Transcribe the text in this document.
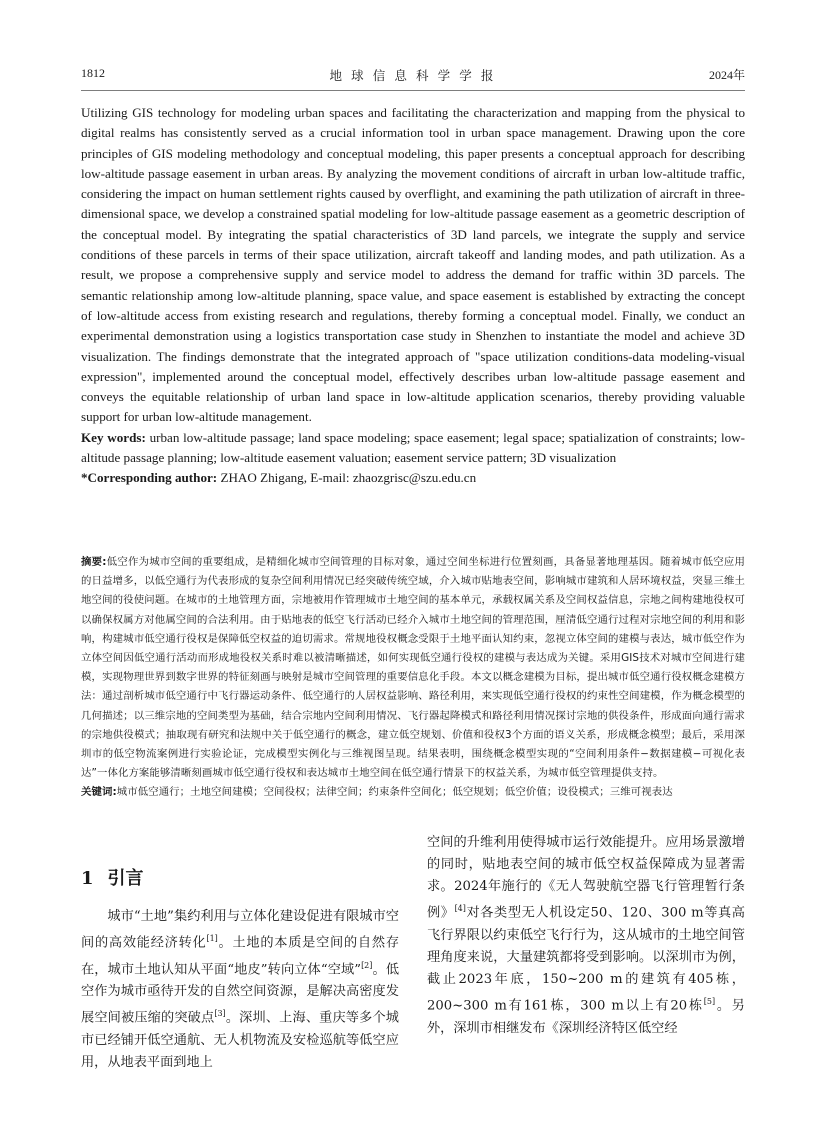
1812	地 球 信 息 科 学 学 报	2024年

Utilizing GIS technology for modeling urban spaces and facilitating the characterization and mapping from the physical to digital realms has consistently served as a crucial information tool in urban space management. Drawing upon the core principles of GIS modeling methodology and conceptual modeling, this paper presents a conceptual approach for describing low-altitude passage easement in urban areas. By analyzing the movement conditions of aircraft in urban low-altitude traffic, considering the impact on human settlement rights caused by overflight, and examining the path utilization of aircraft in three-dimensional space, we develop a constrained spatial modeling for low-altitude passage easement as a geometric description of the conceptual model. By integrating the spatial characteristics of 3D land parcels, we integrate the supply and service conditions of these parcels in terms of their space utilization, aircraft takeoff and landing modes, and path utilization. As a result, we propose a comprehensive supply and service model to address the demand for traffic within 3D parcels. The semantic relationship among low-altitude planning, space value, and space easement is established by extracting the concept of low-altitude access from existing research and regulations, thereby forming a conceptual model. Finally, we conduct an experimental demonstration using a logistics transportation case study in Shenzhen to instantiate the model and achieve 3D visualization. The findings demonstrate that the integrated approach of "space utilization conditions-data modeling-visual expression", implemented around the conceptual model, effectively describes urban low-altitude passage easement and conveys the equitable relationship of urban land space in low-altitude application scenarios, thereby providing valuable support for urban low-altitude management.

Key words: urban low-altitude passage; land space modeling; space easement; legal space; spatialization of constraints; low-altitude passage planning; low-altitude easement valuation; easement service pattern; 3D visualization

*Corresponding author: ZHAO Zhigang, E-mail: zhaozgrisc@szu.edu.cn

摘要:低空作为城市空间的重要组成，是精细化城市空间管理的目标对象，通过空间坐标进行位置刻画，具备显著地理基因。随着城市低空应用的日益增多，以低空通行为代表形成的复杂空间利用情况已经突破传统空域，介入城市贴地表空间，影响城市建筑和人居环境权益，突显三维土地空间的役使问题。在城市的土地管理方面，宗地被用作管理城市土地空间的基本单元，承载权属关系及空间权益信息，宗地之间构建地役权可以确保权属方对他属空间的合法利用。由于贴地表的低空飞行活动已经介入城市土地空间的管理范围，厘清低空通行过程对宗地空间的利用和影响，构建城市低空通行役权是保障低空权益的迫切需求。常规地役权概念受限于土地平面认知约束，忽视立体空间的建模与表达，城市低空作为立体空间因低空通行活动而形成地役权关系时难以被清晰描述，如何实现低空通行役权的建模与表达成为关键。采用GIS技术对城市空间进行建模，实现物理世界到数字世界的特征刻画与映射是城市空间管理的重要信息化手段。本文以概念建模为目标，提出城市低空通行役权概念建模方法：通过剖析城市低空通行中飞行器运动条件、低空通行的人居权益影响、路径利用，来实现低空通行役权的约束性空间建模，作为概念模型的几何描述；以三维宗地的空间类型为基础，结合宗地内空间利用情况、飞行器起降模式和路径利用情况探讨宗地的供役条件，形成面向通行需求的宗地供役模式；抽取现有研究和法规中关于低空通行的概念，建立低空规划、价值和役权3个方面的语义关系，形成概念模型；最后，采用深圳市的低空物流案例进行实验论证，完成模型实例化与三维视图呈现。结果表明，围绕概念模型实现的“空间利用条件−数据建模−可视化表达”一体化方案能够清晰刻画城市低空通行役权和表达城市土地空间在低空通行情景下的权益关系，为城市低空管理提供支持。

关键词:城市低空通行；土地空间建模；空间役权；法律空间；约束条件空间化；低空规划；低空价值；设役模式；三维可视表达

1 引言

城市“土地”集约利用与立体化建设促进有限城市空间的高效能经济转化[1]。土地的本质是空间的自然存在，城市土地认知从平面“地皮”转向立体“空域”[2]。低空作为城市亟待开发的自然空间资源，是解决高密度发展空间被压缩的突破点[3]。深圳、上海、重庆等多个城市已经铺开低空通航、无人机物流及安检巡航等低空应用，从地表平面到地上

空间的升维利用使得城市运行效能提升。应用场景激增的同时，贴地表空间的城市低空权益保障成为显著需求。2024年施行的《无人驾驶航空器飞行管理暂行条例》[4]对各类型无人机设定50、120、300 m等真高飞行界限以约束低空飞行行为，这从城市的土地空间管理角度来说，大量建筑都将受到影响。以深圳市为例，截止2023年底，150~200 m的建筑有405栋，200~300 m有161栋，300 m以上有20栋[5]。另外，深圳市相继发布《深圳经济特区低空经
